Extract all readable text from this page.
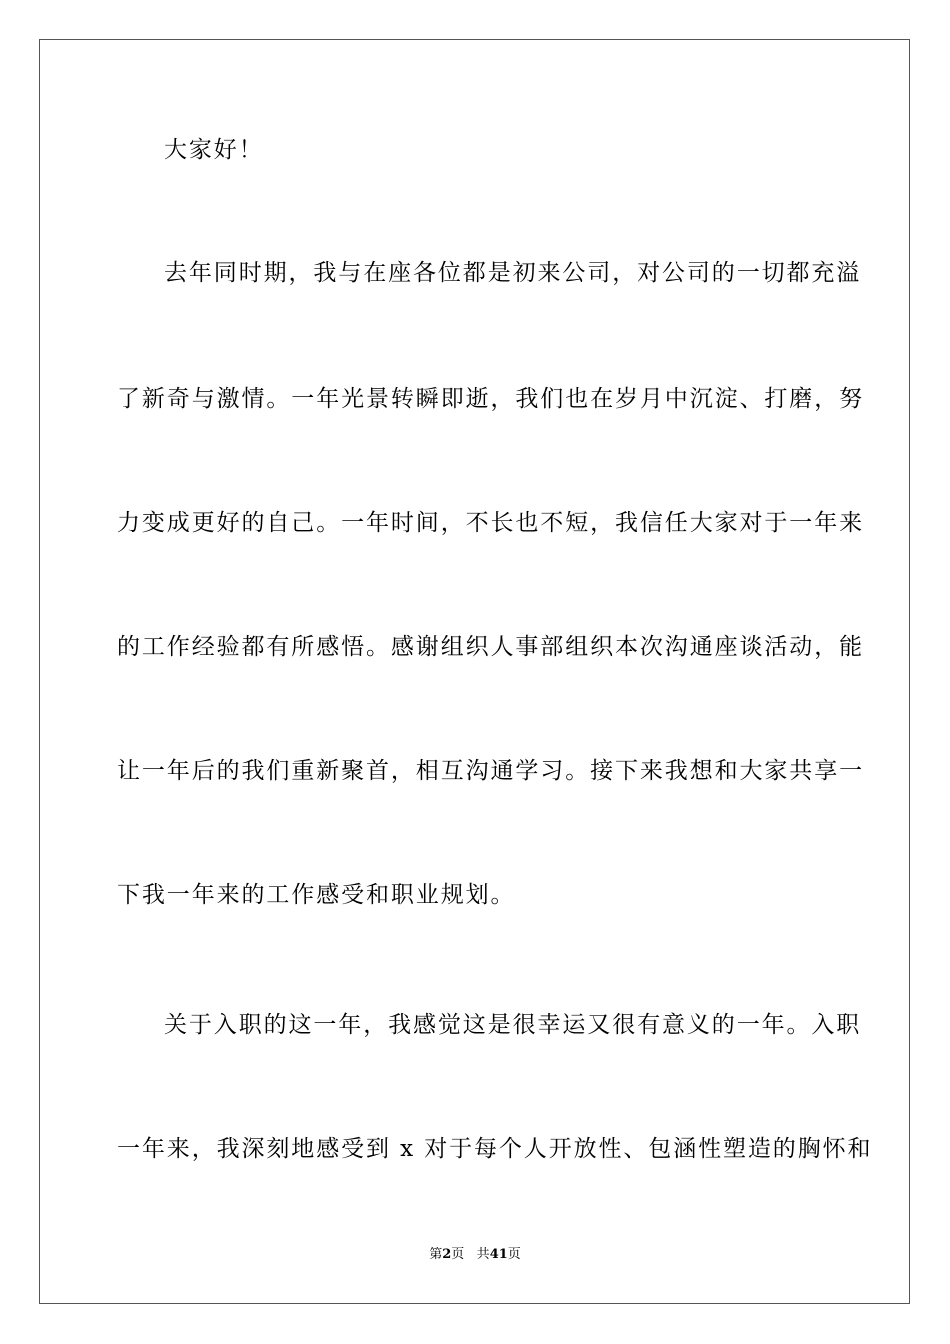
大家好！
去年同时期，我与在座各位都是初来公司，对公司的一切都充溢
了新奇与激情。一年光景转瞬即逝，我们也在岁月中沉淀、打磨，努
力变成更好的自己。一年时间，不长也不短，我信任大家对于一年来
的工作经验都有所感悟。感谢组织人事部组织本次沟通座谈活动，能
让一年后的我们重新聚首，相互沟通学习。接下来我想和大家共享一
下我一年来的工作感受和职业规划。
关于入职的这一年，我感觉这是很幸运又很有意义的一年。入职
一年来，我深刻地感受到 x 对于每个人开放性、包涵性塑造的胸怀和
第2页 共41页
